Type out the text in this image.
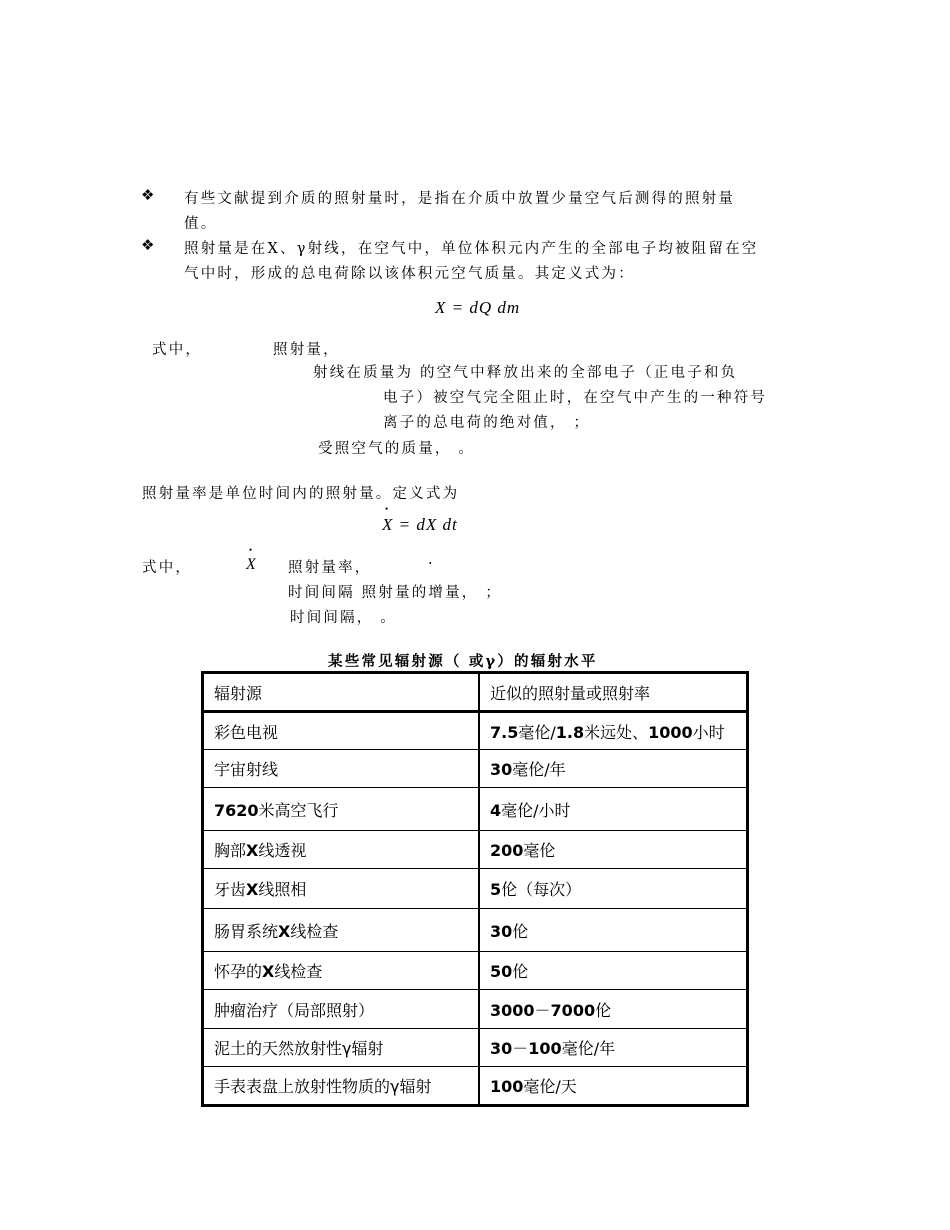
❖ 有些文献提到介质的照射量时，是指在介质中放置少量空气后测得的照射量
值。
❖ 照射量是在X、γ射线，在空气中，单位体积元内产生的全部电子均被阻留在空
气中时，形成的总电荷除以该体积元空气质量。其定义式为：
X = dQ dm
式中，	照射量，
射线在质量为 的空气中释放出来的全部电子（正电子和负
电子）被空气完全阻止时，在空气中产生的一种符号
离子的总电荷的绝对值， ；
受照空气的质量， 。
照射量率是单位时间内的照射量。定义式为
• X = dX dt
式中，	• X 照射量率，	·
时间间隔 照射量的增量， ；
时间间隔， 。
某些常见辐射源（ 或γ）的辐射水平
辐射源	近似的照射量或照射率
彩色电视	7.5毫伦/1.8米远处、1000小时
宇宙射线	30毫伦/年
7620米高空飞行	4毫伦/小时
胸部X线透视	200毫伦
牙齿X线照相	5伦（每次）
肠胃系统X线检查	30伦
怀孕的X线检查	50伦
肿瘤治疗（局部照射）	3000－7000伦
泥土的天然放射性γ辐射	30－100毫伦/年
手表表盘上放射性物质的γ辐射	100毫伦/天
